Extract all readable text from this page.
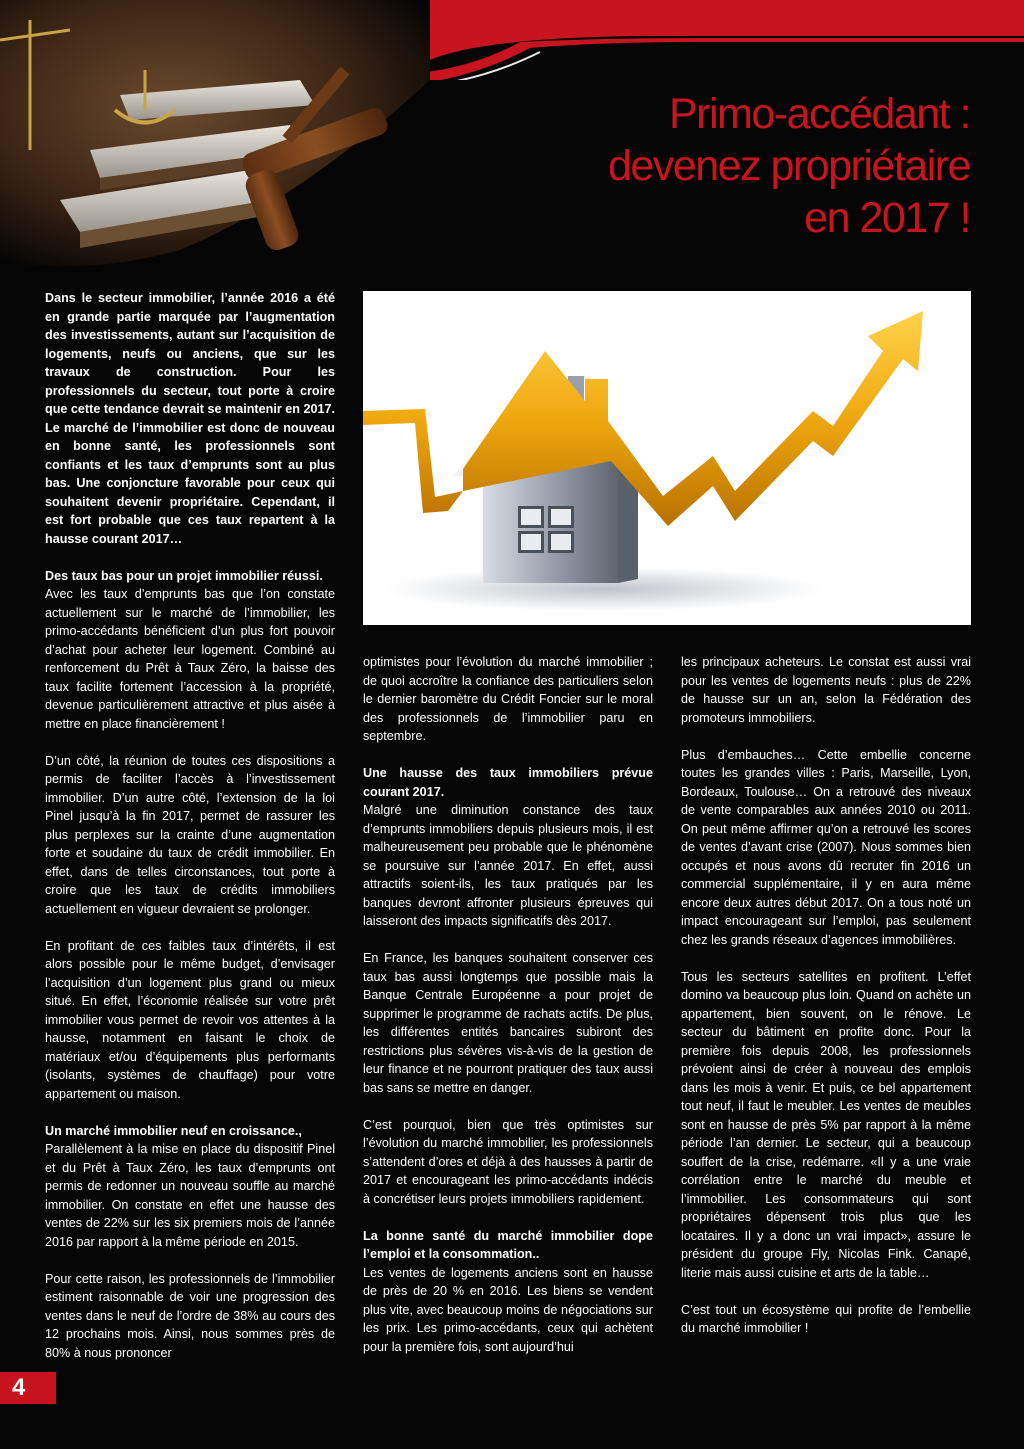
Primo-accédant :
devenez propriétaire
en 2017 !

Dans le secteur immobilier, l’année 2016 a été en grande partie marquée par l’augmentation des investissements, autant sur l’acquisition de logements, neufs ou anciens, que sur les travaux de construction. Pour les professionnels du secteur, tout porte à croire que cette tendance devrait se maintenir en 2017. Le marché de l’immobilier est donc de nouveau en bonne santé, les professionnels sont confiants et les taux d’emprunts sont au plus bas. Une conjoncture favorable pour ceux qui souhaitent devenir propriétaire. Cependant, il est fort probable que ces taux repartent à la hausse courant 2017…

Des taux bas pour un projet immobilier réussi.

Avec les taux d’emprunts bas que l’on constate actuellement sur le marché de l’immobilier, les primo-accédants bénéficient d’un plus fort pouvoir d’achat pour acheter leur logement. Combiné au renforcement du Prêt à Taux Zéro, la baisse des taux facilite fortement l’accession à la propriété, devenue particulièrement attractive et plus aisée à mettre en place financièrement !

D’un côté, la réunion de toutes ces dispositions a permis de faciliter l’accès à l’investissement immobilier. D’un autre côté, l’extension de la loi Pinel jusqu’à la fin 2017, permet de rassurer les plus perplexes sur la crainte d’une augmentation forte et soudaine du taux de crédit immobilier. En effet, dans de telles circonstances, tout porte à croire que les taux de crédits immobiliers actuellement en vigueur devraient se prolonger.

En profitant de ces faibles taux d’intérêts, il est alors possible pour le même budget, d’envisager l’acquisition d’un logement plus grand ou mieux situé. En effet, l’économie réalisée sur votre prêt immobilier vous permet de revoir vos attentes à la hausse, notamment en faisant le choix de matériaux et/ou d’équipements plus performants (isolants, systèmes de chauffage) pour votre appartement ou maison.

Un marché immobilier neuf en croissance.,

Parallèlement à la mise en place du dispositif Pinel et du Prêt à Taux Zéro, les taux d’emprunts ont permis de redonner un nouveau souffle au marché immobilier. On constate en effet une hausse des ventes de 22% sur les six premiers mois de l’année 2016 par rapport à la même période en 2015.

Pour cette raison, les professionnels de l’immobilier estiment raisonnable de voir une progression des ventes dans le neuf de l’ordre de 38% au cours des 12 prochains mois. Ainsi, nous sommes près de 80% à nous prononcer

optimistes pour l’évolution du marché immobilier ; de quoi accroître la confiance des particuliers selon le dernier baromètre du Crédit Foncier sur le moral des professionnels de l’immobilier paru en septembre.

Une hausse des taux immobiliers prévue courant 2017.

Malgré une diminution constance des taux d’emprunts immobiliers depuis plusieurs mois, il est malheureusement peu probable que le phénomène se poursuive sur l’année 2017. En effet, aussi attractifs soient-ils, les taux pratiqués par les banques devront affronter plusieurs épreuves qui laisseront des impacts significatifs dès 2017.

En France, les banques souhaitent conserver ces taux bas aussi longtemps que possible mais la Banque Centrale Européenne a pour projet de supprimer le programme de rachats actifs. De plus, les différentes entités bancaires subiront des restrictions plus sévères vis-à-vis de la gestion de leur finance et ne pourront pratiquer des taux aussi bas sans se mettre en danger.

C’est pourquoi, bien que très optimistes sur l’évolution du marché immobilier, les professionnels s’attendent d’ores et déjà à des hausses à partir de 2017 et encourageant les primo-accédants indécis à concrétiser leurs projets immobiliers rapidement.

La bonne santé du marché immobilier dope l’emploi et la consommation..

Les ventes de logements anciens sont en hausse de près de 20 % en 2016. Les biens se vendent plus vite, avec beaucoup moins de négociations sur les prix. Les primo-accédants, ceux qui achètent pour la première fois, sont aujourd’hui

les principaux acheteurs. Le constat est aussi vrai pour les ventes de logements neufs : plus de 22% de hausse sur un an, selon la Fédération des promoteurs immobiliers.

Plus d’embauches… Cette embellie concerne toutes les grandes villes : Paris, Marseille, Lyon, Bordeaux, Toulouse… On a retrouvé des niveaux de vente comparables aux années 2010 ou 2011. On peut même affirmer qu’on a retrouvé les scores de ventes d’avant crise (2007). Nous sommes bien occupés et nous avons dû recruter fin 2016 un commercial supplémentaire, il y en aura même encore deux autres début 2017. On a tous noté un impact encourageant sur l’emploi, pas seulement chez les grands réseaux d’agences immobilières.

Tous les secteurs satellites en profitent. L’effet domino va beaucoup plus loin. Quand on achète un appartement, bien souvent, on le rénove. Le secteur du bâtiment en profite donc. Pour la première fois depuis 2008, les professionnels prévoient ainsi de créer à nouveau des emplois dans les mois à venir. Et puis, ce bel appartement tout neuf, il faut le meubler. Les ventes de meubles sont en hausse de près 5% par rapport à la même période l’an dernier. Le secteur, qui a beaucoup souffert de la crise, redémarre. «Il y a une vraie corrélation entre le marché du meuble et l’immobilier. Les consommateurs qui sont propriétaires dépensent trois plus que les locataires. Il y a donc un vrai impact», assure le président du groupe Fly, Nicolas Fink. Canapé, literie mais aussi cuisine et arts de la table…

C’est tout un écosystème qui profite de l’embellie du marché immobilier !

4
